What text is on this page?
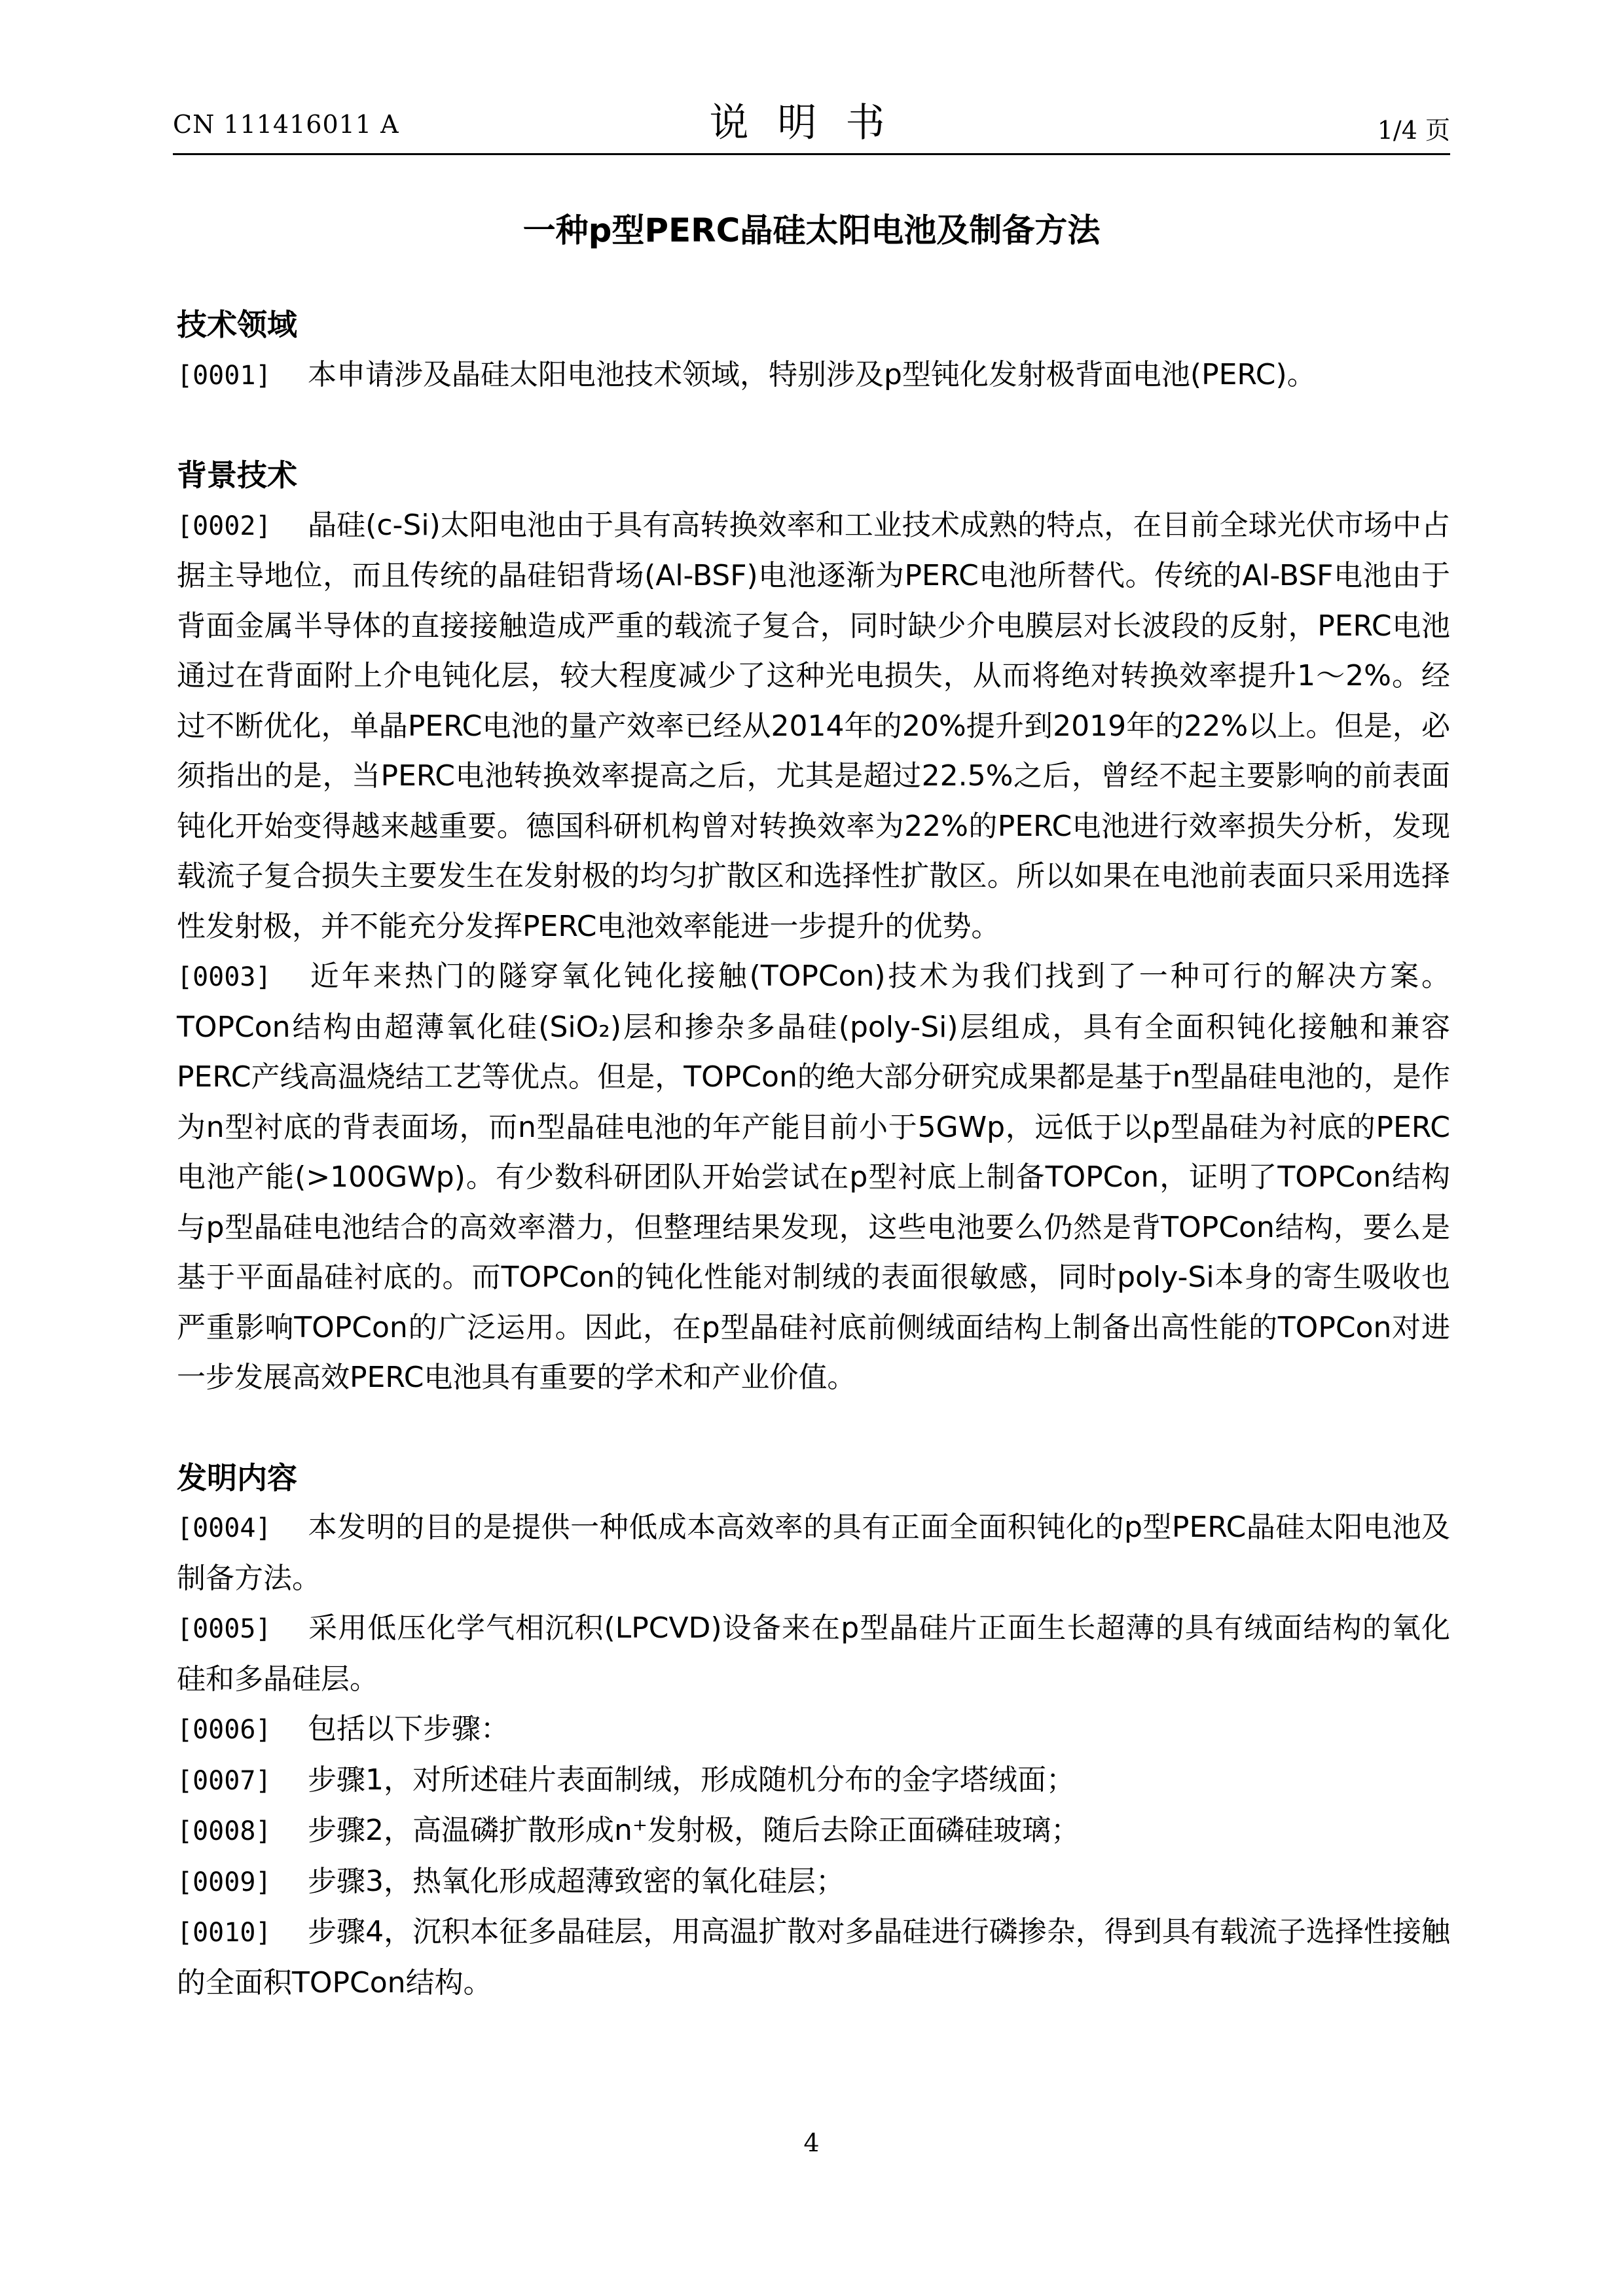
CN 111416011 A	说明书	1/4 页
一种p型PERC晶硅太阳电池及制备方法
技术领域
[0001] 本申请涉及晶硅太阳电池技术领域，特别涉及p型钝化发射极背面电池(PERC)。
背景技术
[0002] 晶硅(c-Si)太阳电池由于具有高转换效率和工业技术成熟的特点，在目前全球光伏市场中占据主导地位，而且传统的晶硅铝背场(Al-BSF)电池逐渐为PERC电池所替代。传统的Al-BSF电池由于背面金属半导体的直接接触造成严重的载流子复合，同时缺少介电膜层对长波段的反射，PERC电池通过在背面附上介电钝化层，较大程度减少了这种光电损失，从而将绝对转换效率提升1～2%。经过不断优化，单晶PERC电池的量产效率已经从2014年的20%提升到2019年的22%以上。但是，必须指出的是，当PERC电池转换效率提高之后，尤其是超过22.5%之后，曾经不起主要影响的前表面钝化开始变得越来越重要。德国科研机构曾对转换效率为22%的PERC电池进行效率损失分析，发现载流子复合损失主要发生在发射极的均匀扩散区和选择性扩散区。所以如果在电池前表面只采用选择性发射极，并不能充分发挥PERC电池效率能进一步提升的优势。
[0003] 近年来热门的隧穿氧化钝化接触(TOPCon)技术为我们找到了一种可行的解决方案。TOPCon结构由超薄氧化硅(SiO₂)层和掺杂多晶硅(poly-Si)层组成，具有全面积钝化接触和兼容PERC产线高温烧结工艺等优点。但是，TOPCon的绝大部分研究成果都是基于n型晶硅电池的，是作为n型衬底的背表面场，而n型晶硅电池的年产能目前小于5GWp，远低于以p型晶硅为衬底的PERC电池产能(>100GWp)。有少数科研团队开始尝试在p型衬底上制备TOPCon，证明了TOPCon结构与p型晶硅电池结合的高效率潜力，但整理结果发现，这些电池要么仍然是背TOPCon结构，要么是基于平面晶硅衬底的。而TOPCon的钝化性能对制绒的表面很敏感，同时poly-Si本身的寄生吸收也严重影响TOPCon的广泛运用。因此，在p型晶硅衬底前侧绒面结构上制备出高性能的TOPCon对进一步发展高效PERC电池具有重要的学术和产业价值。
发明内容
[0004] 本发明的目的是提供一种低成本高效率的具有正面全面积钝化的p型PERC晶硅太阳电池及制备方法。
[0005] 采用低压化学气相沉积(LPCVD)设备来在p型晶硅片正面生长超薄的具有绒面结构的氧化硅和多晶硅层。
[0006] 包括以下步骤：
[0007] 步骤1，对所述硅片表面制绒，形成随机分布的金字塔绒面；
[0008] 步骤2，高温磷扩散形成n⁺发射极，随后去除正面磷硅玻璃；
[0009] 步骤3，热氧化形成超薄致密的氧化硅层；
[0010] 步骤4，沉积本征多晶硅层，用高温扩散对多晶硅进行磷掺杂，得到具有载流子选择性接触的全面积TOPCon结构。
4
